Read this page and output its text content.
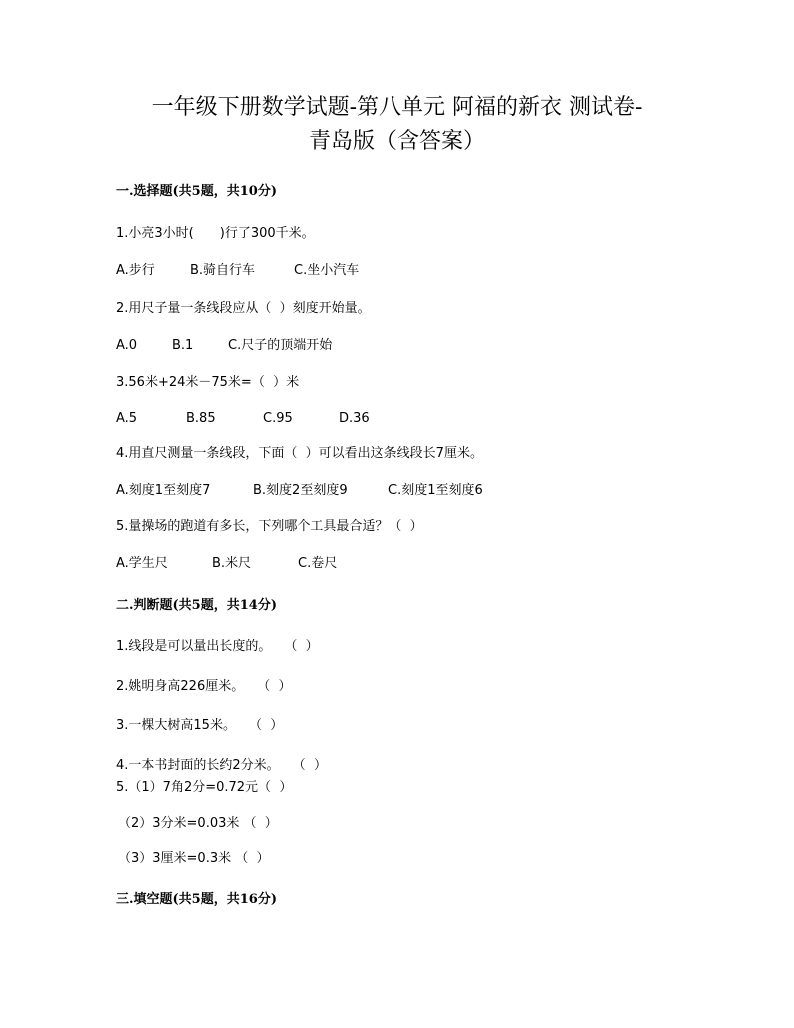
一年级下册数学试题-第八单元 阿福的新衣 测试卷-
青岛版（含答案）
一.选择题(共5题，共10分)
1.小亮3小时(　　)行了300千米。
A.步行	B.骑自行车	C.坐小汽车
2.用尺子量一条线段应从（  ）刻度开始量。
A.0	B.1	C.尺子的顶端开始
3.56米+24米－75米=（  ）米
A.5	B.85	C.95	D.36
4.用直尺测量一条线段，下面（  ）可以看出这条线段长7厘米。
A.刻度1至刻度7	B.刻度2至刻度9	C.刻度1至刻度6
5.量操场的跑道有多长，下列哪个工具最合适？（  ）
A.学生尺	B.米尺	C.卷尺
二.判断题(共5题，共14分)
1.线段是可以量出长度的。　　（  ）
2.姚明身高226厘米。　　（  ）
3.一棵大树高15米。　　（  ）
4.一本书封面的长约2分米。　　（  ）
5.（1）7角2分=0.72元（  ）
（2）3分米=0.03米 （  ）
（3）3厘米=0.3米 （  ）
三.填空题(共5题，共16分)
